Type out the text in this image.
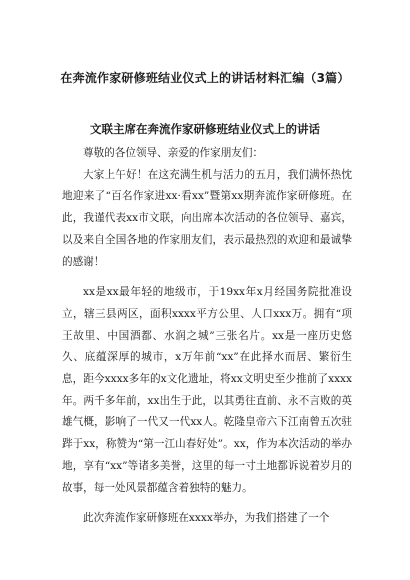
在奔流作家研修班结业仪式上的讲话材料汇编（3篇）
文联主席在奔流作家研修班结业仪式上的讲话

尊敬的各位领导、亲爱的作家朋友们：

大家上午好！在这充满生机与活力的五月，我们满怀热忱地迎来了“百名作家进xx·看xx”暨第xx期奔流作家研修班。在此，我谨代表xx市文联，向出席本次活动的各位领导、嘉宾，以及来自全国各地的作家朋友们，表示最热烈的欢迎和最诚挚的感谢！

xx是xx最年轻的地级市，于19xx年x月经国务院批准设立，辖三县两区，面积xxxx平方公里、人口xxx万。拥有“项王故里、中国酒都、水润之城”三张名片。xx是一座历史悠久、底蕴深厚的城市，x万年前“xx”在此择水而居、繁衍生息，距今xxxx多年的x文化遗址，将xx文明史至少推前了xxxx年。两千多年前，xx出生于此，以其勇往直前、永不言败的英雄气概，影响了一代又一代xx人。乾隆皇帝六下江南曾五次驻跸于xx，称赞为“第一江山春好处”。xx，作为本次活动的举办地，享有“xx”等诸多美誉，这里的每一寸土地都诉说着岁月的故事，每一处风景都蕴含着独特的魅力。

此次奔流作家研修班在xxxx举办，为我们搭建了一个
